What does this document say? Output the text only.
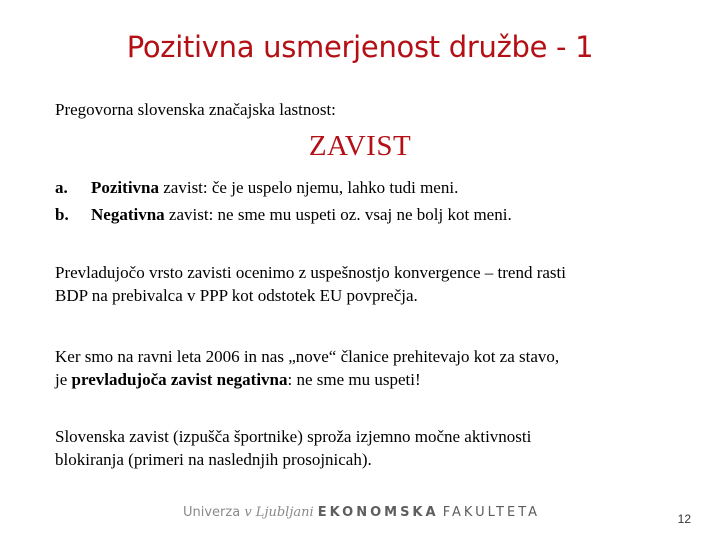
Pozitivna usmerjenost družbe - 1

Pregovorna slovenska značajska lastnost:

ZAVIST

a. Pozitivna zavist: če je uspelo njemu, lahko tudi meni.
b. Negativna zavist: ne sme mu uspeti oz. vsaj ne bolj kot meni.

Prevladujočo vrsto zavisti ocenimo z uspešnostjo konvergence – trend rasti
BDP na prebivalca v PPP kot odstotek EU povprečja.

Ker smo na ravni leta 2006 in nas „nove“ članice prehitevajo kot za stavo,
je prevladujoča zavist negativna: ne sme mu uspeti!

Slovenska zavist (izpušča športnike) sproža izjemno močne aktivnosti
blokiranja (primeri na naslednjih prosojnicah).

Univerza v Ljubljani EKONOMSKA FAKULTETA	12
